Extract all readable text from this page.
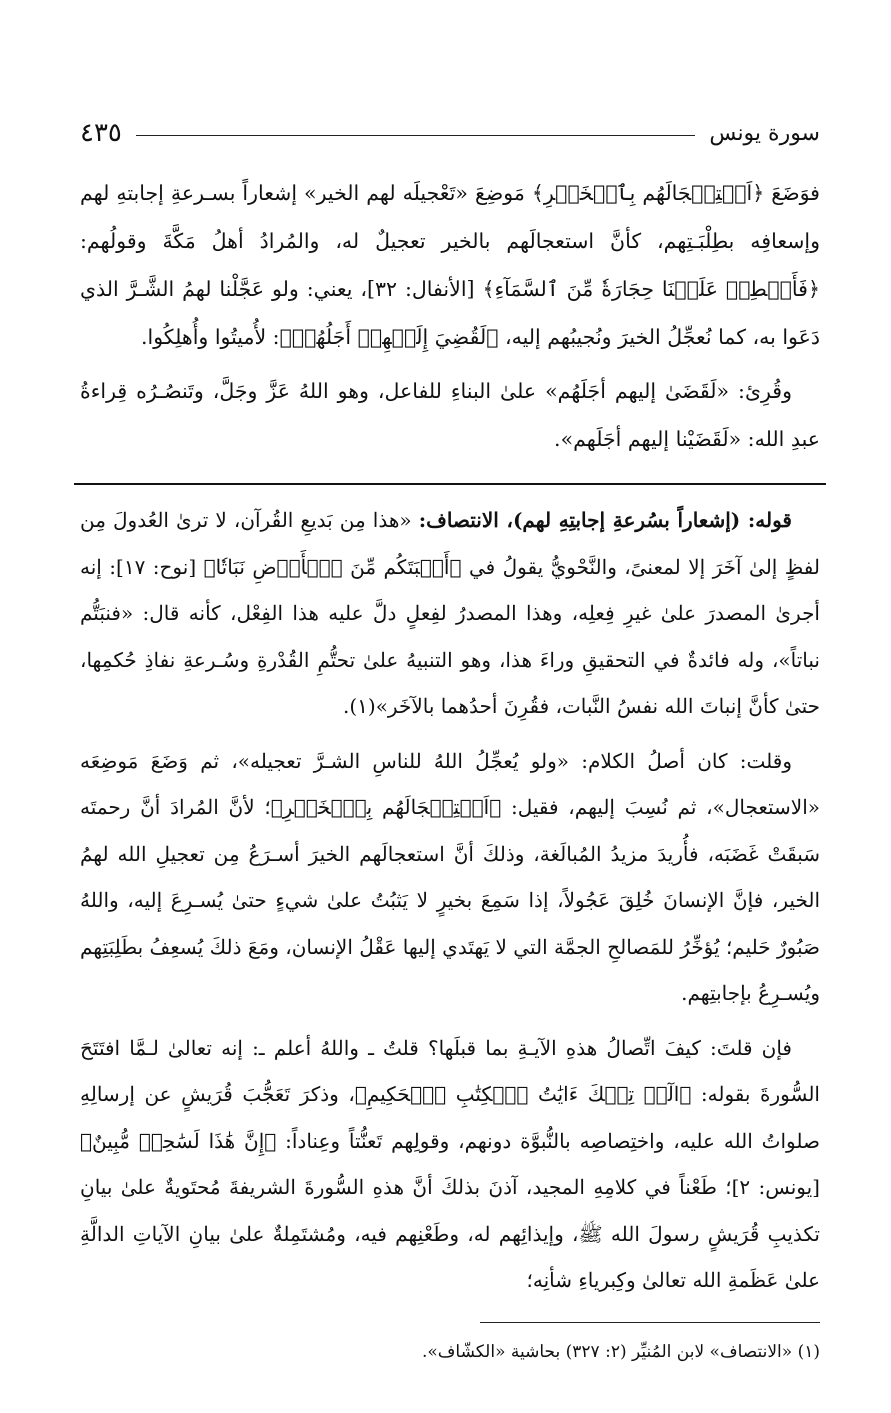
سورة يونس
٤٣٥

فوَضَعَ ﴿اَسۡتِعۡجَالَهُم بِٱلۡخَيۡرِ﴾ مَوضِعَ «تَعْجيلَه لهم الخير» إشعاراً بسـرعةِ إجابتهِ لهم وإسعافِه بطِلْبَـتِهم، كأنَّ استعجالَهم بالخير تعجيلٌ له، والمُرادُ أهلُ مَكَّةَ وقولُهم: ﴿فَأَمۡطِرۡ عَلَيۡنَا حِجَارَةٗ مِّنَ ٱلسَّمَآءِ﴾ [الأنفال: ٣٢]، يعني: ولو عَجَّلْنا لهمُ الشَّـرَّ الذي دَعَوا به، كما نُعجِّلُ الخيرَ ونُجيبُهم إليه، ﴿لَقُضِيَ إِلَيۡهِمۡ أَجَلُهُمۡ﴾: لأُميتُوا وأُهلِكُوا.

وقُرِئ: «لَقَضَىٰ إليهم أجَلَهُم» علىٰ البناءِ للفاعل، وهو اللهُ عَزَّ وجَلَّ، وتَنصُـرُه قِراءةُ عبدِ الله: «لَقَضَيْنا إليهم أجَلَهم».

قوله: (إشعاراً بسُرعةِ إجابتِهِ لهم)، الانتصاف: «هذا مِن بَديعِ القُرآن، لا ترىٰ العُدولَ مِن لفظٍ إلىٰ آخَرَ إلا لمعنىً، والنَّحْويُّ يقولُ في ﴿أَنۢبَتَكُم مِّنَ ٱلۡأَرۡضِ نَبَاتٗا﴾ [نوح: ١٧]: إنه أجرىٰ المصدرَ علىٰ غيرِ فِعلِه، وهذا المصدرُ لفِعلٍ دلَّ عليه هذا الفِعْل، كأنه قال: «فنبَتُّم نباتاً»، وله فائدةٌ في التحقيقِ وراءَ هذا، وهو التنبيهُ علىٰ تحتُّمِ القُدْرةِ وسُـرعةِ نفاذِ حُكمِها، حتىٰ كأنَّ إنباتَ الله نفسُ النَّبات، فقُرِنَ أحدُهما بالآخَر»(١).

وقلت: كان أصلُ الكلام: «ولو يُعجِّلُ اللهُ للناسِ الشـرَّ تعجيله»، ثم وَضَعَ مَوضِعَه «الاستعجال»، ثم نُسِبَ إليهم، فقيل: ﴿اَسۡتِعۡجَالَهُم بِٱلۡخَيۡرِ﴾؛ لأنَّ المُرادَ أنَّ رحمتَه سَبقَتْ غَضَبَه، فأُريدَ مزيدُ المُبالَغة، وذلكَ أنَّ استعجالَهم الخيرَ أسـرَعُ مِن تعجيلِ الله لهمُ الخير، فإنَّ الإنسانَ خُلِقَ عَجُولاً، إذا سَمِعَ بخيرٍ لا يَثبُتُ علىٰ شيءٍ حتىٰ يُسـرِعَ إليه، واللهُ صَبُورٌ حَليم؛ يُؤخِّرُ للمَصالحِ الجمَّة التي لا يَهتَدي إليها عَقْلُ الإنسان، ومَعَ ذلكَ يُسعِفُ بطَلِبَتِهم ويُسـرِعُ بإجابتِهم.

فإن قلتَ: كيفَ اتِّصالُ هذهِ الآيـةِ بما قبلَها؟ قلتُ ـ واللهُ أعلم ـ: إنه تعالىٰ لـمَّا افتَتَحَ السُّورةَ بقوله: ﴿الٓرۚ تِلۡكَ ءَايَٰتُ ٱلۡكِتَٰبِ ٱلۡحَكِيمِ﴾، وذكرَ تَعَجُّبَ قُرَيشٍ عن إرسالِهِ صلواتُ الله عليه، واختِصاصِه بالنُّبوَّة دونهم، وقولِهم تَعنُّتاً وعِناداً: ﴿إِنَّ هَٰذَا لَسَٰحِرٞ مُّبِينٌ﴾ [يونس: ٢]؛ طَعْناً في كلامِهِ المجيد، آذنَ بذلكَ أنَّ هذهِ السُّورةَ الشريفةَ مُحتَويةٌ علىٰ بيانِ تكذيبِ قُرَيشٍ رسولَ الله ﷺ، وإيذائِهم له، وطَعْنِهم فيه، ومُشتَمِلةٌ علىٰ بيانِ الآياتِ الدالَّةِ علىٰ عَظَمةِ الله تعالىٰ وكِبرياءِ شأنِه؛

(١) «الانتصاف» لابن المُنيِّر (٢: ٣٢٧) بحاشية «الكشّاف».
